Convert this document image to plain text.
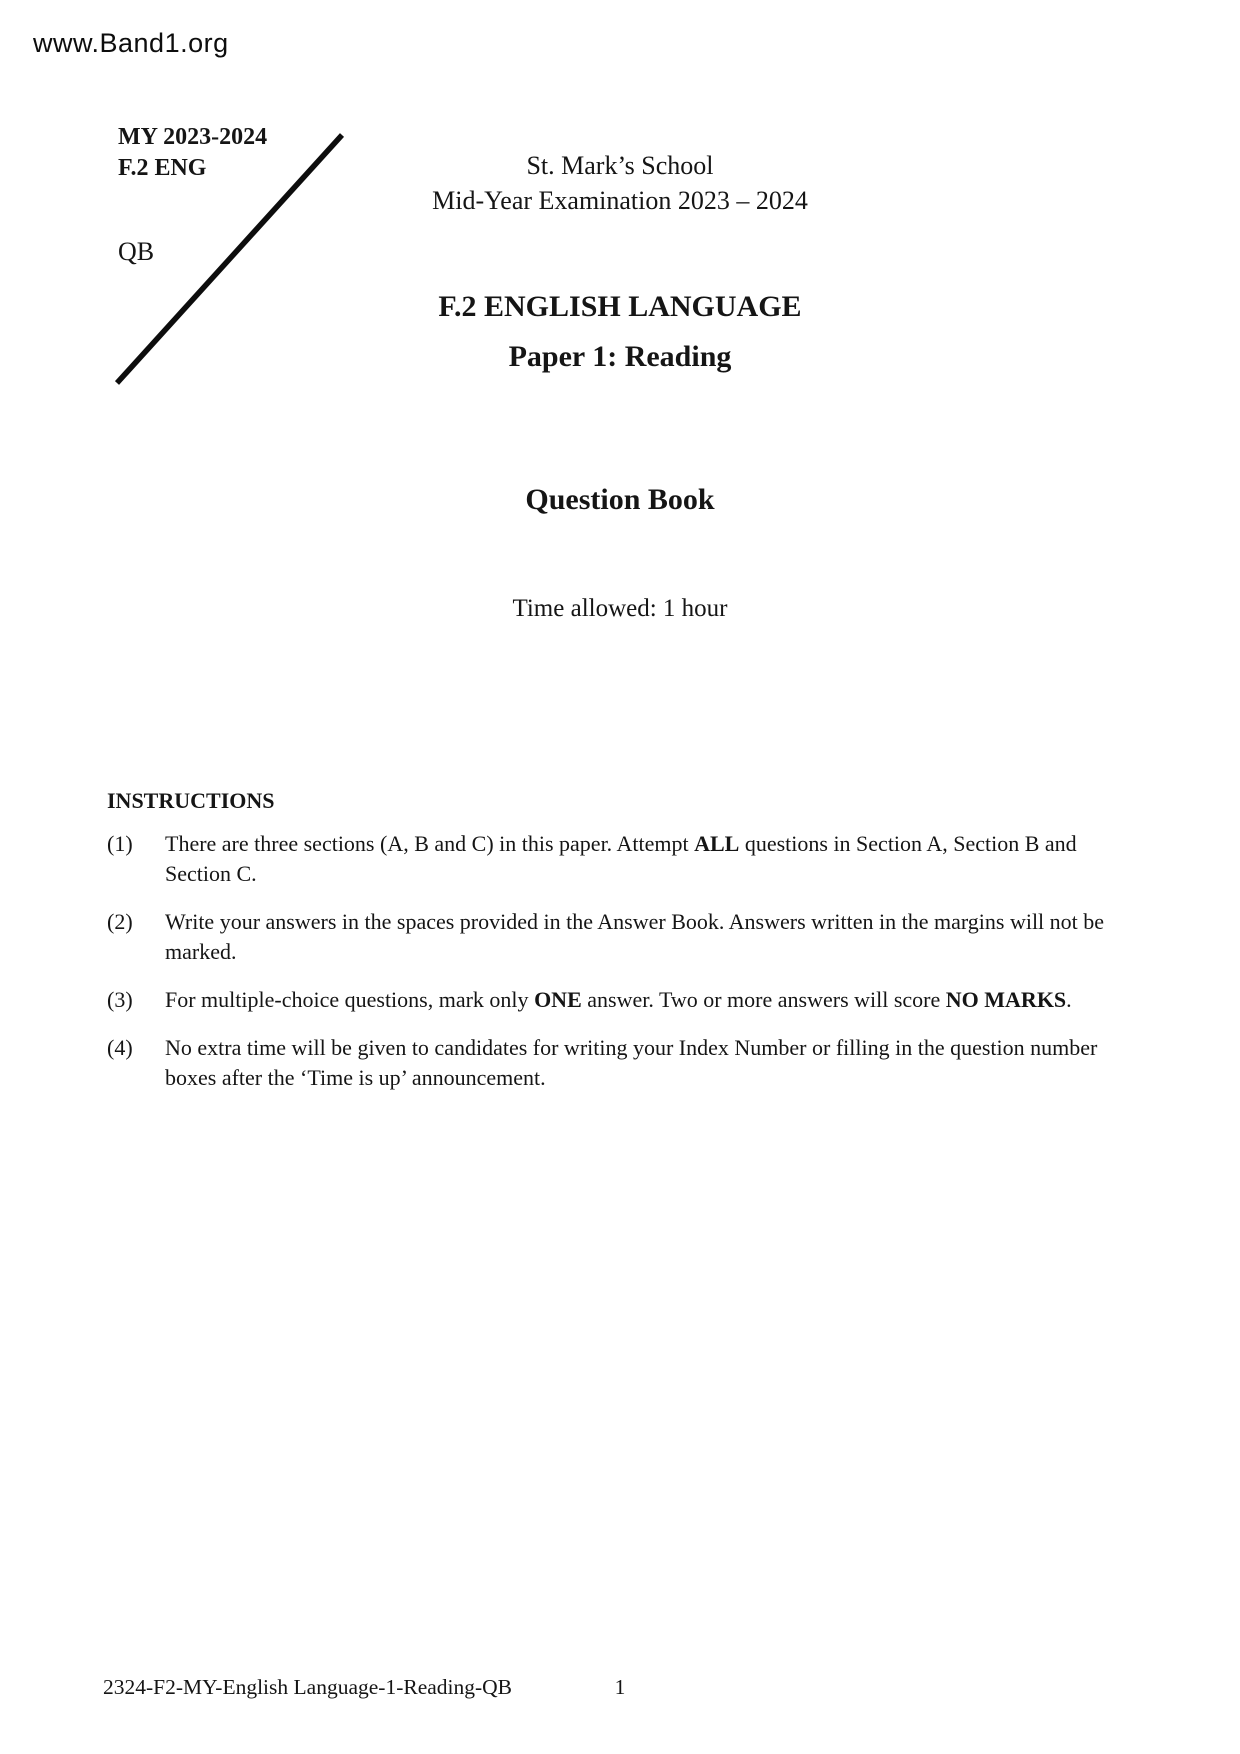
www.Band1.org
MY 2023-2024
F.2 ENG
QB
St. Mark’s School
Mid-Year Examination 2023 – 2024
F.2 ENGLISH LANGUAGE
Paper 1: Reading
Question Book
Time allowed: 1 hour
INSTRUCTIONS
(1)	There are three sections (A, B and C) in this paper. Attempt ALL questions in Section A, Section B and Section C.
(2)	Write your answers in the spaces provided in the Answer Book. Answers written in the margins will not be marked.
(3)	For multiple-choice questions, mark only ONE answer. Two or more answers will score NO MARKS.
(4)	No extra time will be given to candidates for writing your Index Number or filling in the question number boxes after the ‘Time is up’ announcement.
2324-F2-MY-English Language-1-Reading-QB	1
